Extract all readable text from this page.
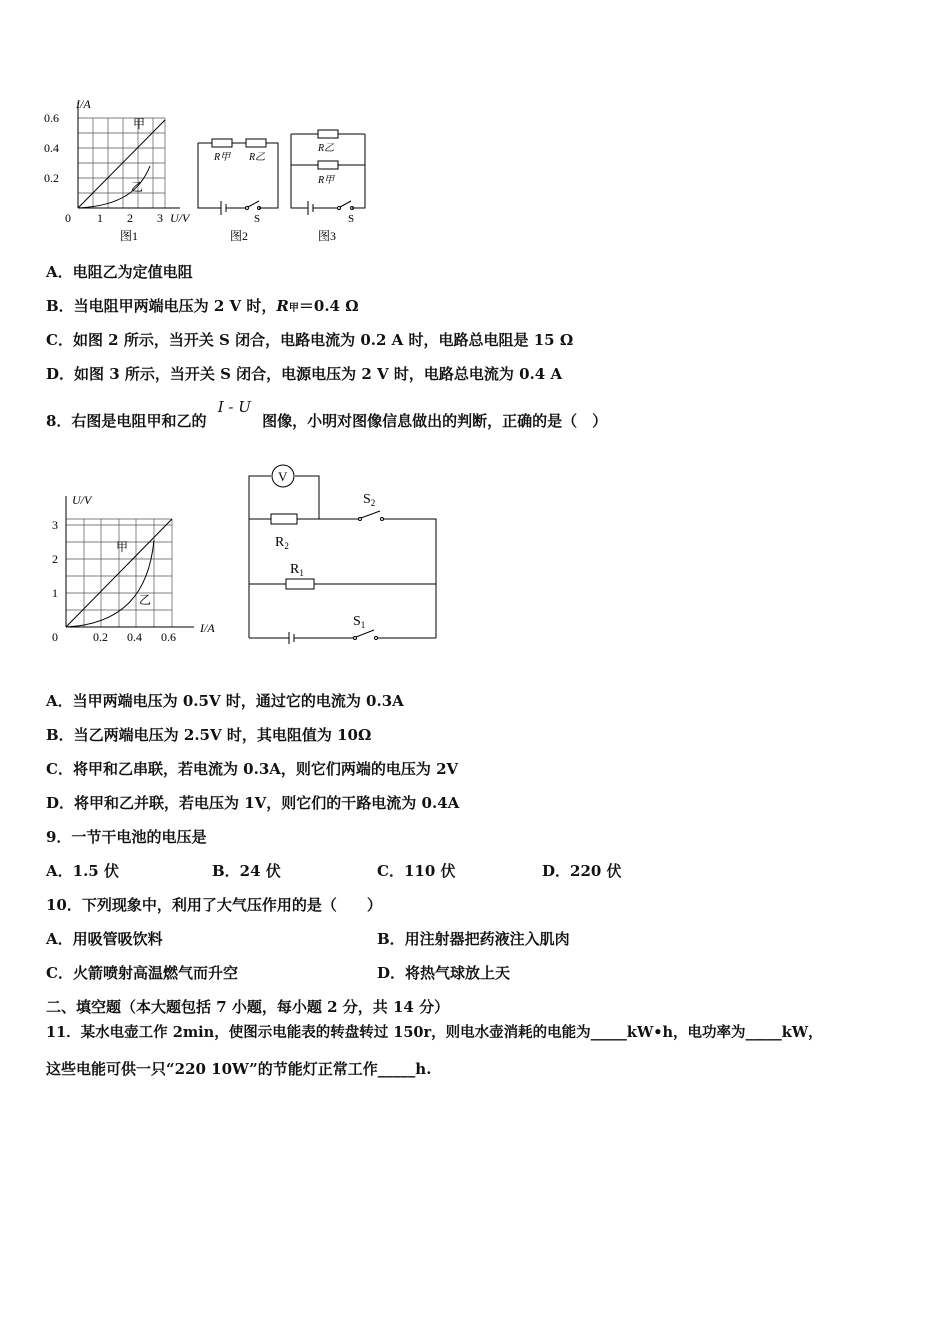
I/A
U/V
0.6
0.4
0.2
0 1 2 3
甲
乙
图1
R甲 R乙
S
图2
R乙
R甲
S
图3
A．电阻乙为定值电阻
B．当电阻甲两端电压为 2 V 时，R甲＝0.4 Ω
C．如图 2 所示，当开关 S 闭合，电路电流为 0.2 A 时，电路总电阻是 15 Ω
D．如图 3 所示，当开关 S 闭合，电源电压为 2 V 时，电路总电流为 0.4 A
8．右图是电阻甲和乙的 I - U 图像，小明对图像信息做出的判断，正确的是（　）
U/V
I/A
3
2
1
0	0.2 0.4 0.6
甲
乙
V
$R_2$
$R_1$
$S_2$
$S_1$
A．当甲两端电压为 0.5V 时，通过它的电流为 0.3A
B．当乙两端电压为 2.5V 时，其电阻值为 10Ω
C．将甲和乙串联，若电流为 0.3A，则它们两端的电压为 2V
D．将甲和乙并联，若电压为 1V，则它们的干路电流为 0.4A
9．一节干电池的电压是
A．1.5 伏	B．24 伏	C．110 伏	D．220 伏
10．下列现象中，利用了大气压作用的是（　　）
A．用吸管吸饮料	B．用注射器把药液注入肌肉
C．火箭喷射高温燃气而升空	D．将热气球放上天
二、填空题（本大题包括 7 小题，每小题 2 分，共 14 分）
11．某水电壶工作 2min，使图示电能表的转盘转过 150r，则电水壶消耗的电能为_____kW•h，电功率为_____kW，
这些电能可供一只“220 10W”的节能灯正常工作_____h.
